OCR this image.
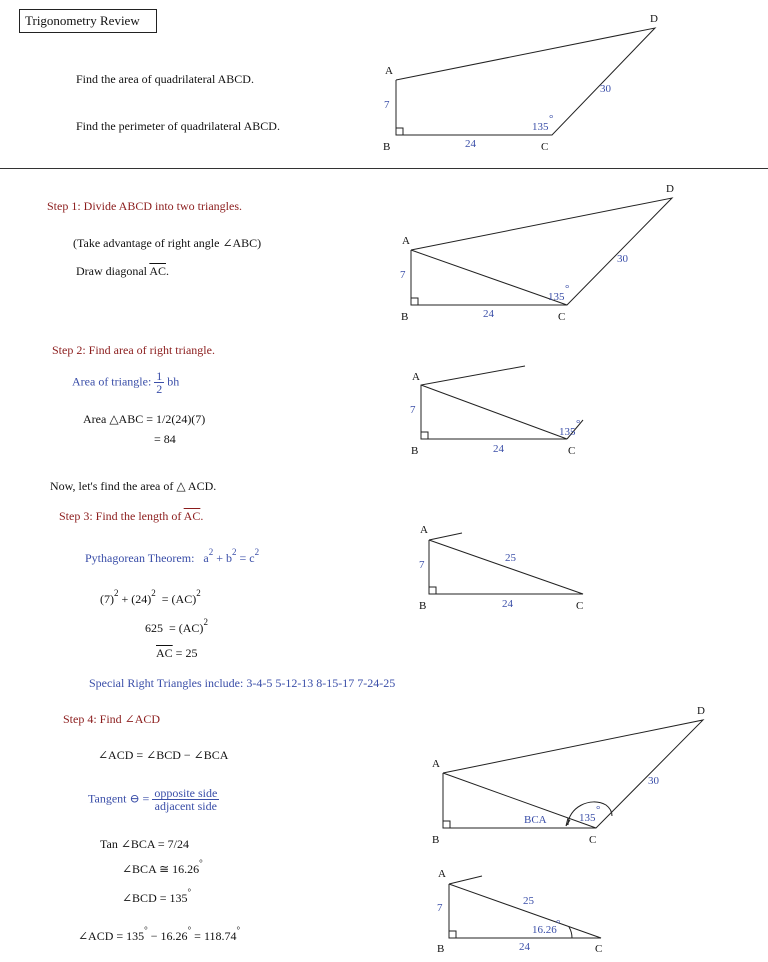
Trigonometry Review
Find the area of quadrilateral ABCD.
Find the perimeter of quadrilateral ABCD.
Step 1: Divide ABCD into two triangles.
(Take advantage of right angle ∠ABC)
Draw diagonal $\overline{AC}$.
Step 2: Find area of right triangle.
Area of triangle: $\frac{1}{2}$ bh
Area △ABC = 1/2(24)(7)
= 84
Now, let's find the area of △ ACD.
Step 3: Find the length of $\overline{AC}$.
Pythagorean Theorem: $a^2 + b^2 = c^2$
$(7)^2 + (24)^2 = (AC)^2$
625 = (AC)$^2$
$\overline{AC} = 25$
Special Right Triangles include: 3-4-5 5-12-13 8-15-17 7-24-25
Step 4: Find ∠ACD
∠ACD = ∠BCD − ∠BCA
Tangent ⊖ = $\frac{\text{opposite side}}{\text{adjacent side}}$
Tan ∠BCA = 7/24
∠BCA ≅ 16.26°
∠BCD = 135°
∠ACD = 135° − 16.26° = 118.74°
A
B	C
D
7
24
30
135
°
A
B	C
D
7
24
30
135
°
A
B	C
7
24
135
°
A
B	C
7
24
25
A
B	C
D
BCA
30
135
°
A
B	C
7
24
25
16.26 °
